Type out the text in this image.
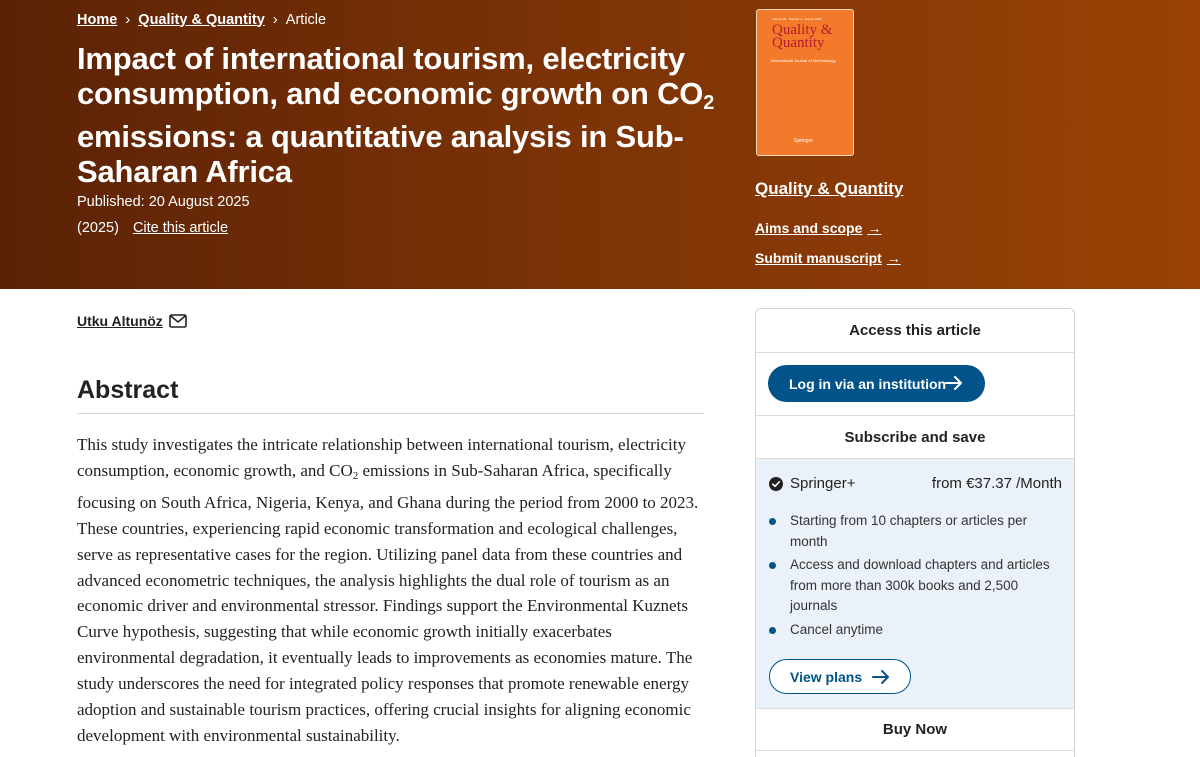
Home › Quality & Quantity › Article
Impact of international tourism, electricity consumption, and economic growth on $CO_2$ emissions: a quantitative analysis in Sub-Saharan Africa
Published: 20 August 2025
(2025) Cite this article
Volume 59 · Number 4 · August 2025
Quality & Quantity
International Journal of Methodology
Springer
Quality & Quantity
Aims and scope →
Submit manuscript →
Utku Altunöz
Abstract

This study investigates the intricate relationship between international tourism, electricity consumption, economic growth, and $CO_2$ emissions in Sub-Saharan Africa, specifically focusing on South Africa, Nigeria, Kenya, and Ghana during the period from 2000 to 2023. These countries, experiencing rapid economic transformation and ecological challenges, serve as representative cases for the region. Utilizing panel data from these countries and advanced econometric techniques, the analysis highlights the dual role of tourism as an economic driver and environmental stressor. Findings support the Environmental Kuznets Curve hypothesis, suggesting that while economic growth initially exacerbates environmental degradation, it eventually leads to improvements as economies mature. The study underscores the need for integrated policy responses that promote renewable energy adoption and sustainable tourism practices, offering crucial insights for aligning economic development with environmental sustainability.

Access this article
Log in via an institution
Subscribe and save
Springer+	from €37.37 /Month
Starting from 10 chapters or articles per month
Access and download chapters and articles from more than 300k books and 2,500 journals
Cancel anytime
View plans
Buy Now
